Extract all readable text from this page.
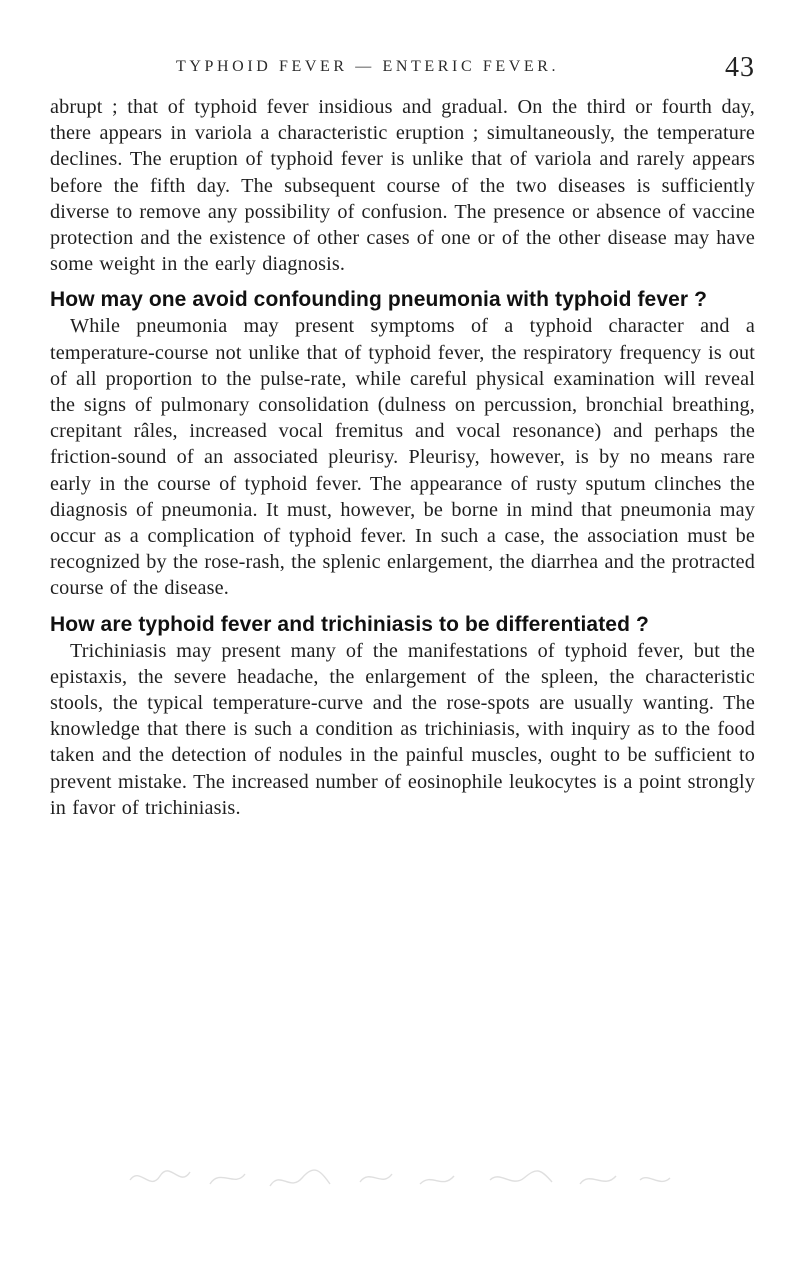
TYPHOID FEVER — ENTERIC FEVER.	43

abrupt ; that of typhoid fever insidious and gradual. On the third or fourth day, there appears in variola a characteristic eruption ; simultaneously, the temperature declines. The eruption of typhoid fever is unlike that of variola and rarely appears before the fifth day. The subsequent course of the two diseases is sufficiently diverse to remove any possibility of confusion. The presence or absence of vaccine protection and the existence of other cases of one or of the other disease may have some weight in the early diagnosis.

How may one avoid confounding pneumonia with typhoid fever ?

While pneumonia may present symptoms of a typhoid character and a temperature-course not unlike that of typhoid fever, the respiratory frequency is out of all proportion to the pulse-rate, while careful physical examination will reveal the signs of pulmonary consolidation (dulness on percussion, bronchial breathing, crepitant râles, increased vocal fremitus and vocal resonance) and perhaps the friction-sound of an associated pleurisy. Pleurisy, however, is by no means rare early in the course of typhoid fever. The appearance of rusty sputum clinches the diagnosis of pneumonia. It must, however, be borne in mind that pneumonia may occur as a complication of typhoid fever. In such a case, the association must be recognized by the rose-rash, the splenic enlargement, the diarrhea and the protracted course of the disease.

How are typhoid fever and trichiniasis to be differentiated ?

Trichiniasis may present many of the manifestations of typhoid fever, but the epistaxis, the severe headache, the enlargement of the spleen, the characteristic stools, the typical temperature-curve and the rose-spots are usually wanting. The knowledge that there is such a condition as trichiniasis, with inquiry as to the food taken and the detection of nodules in the painful muscles, ought to be sufficient to prevent mistake. The increased number of eosinophile leukocytes is a point strongly in favor of trichiniasis.
